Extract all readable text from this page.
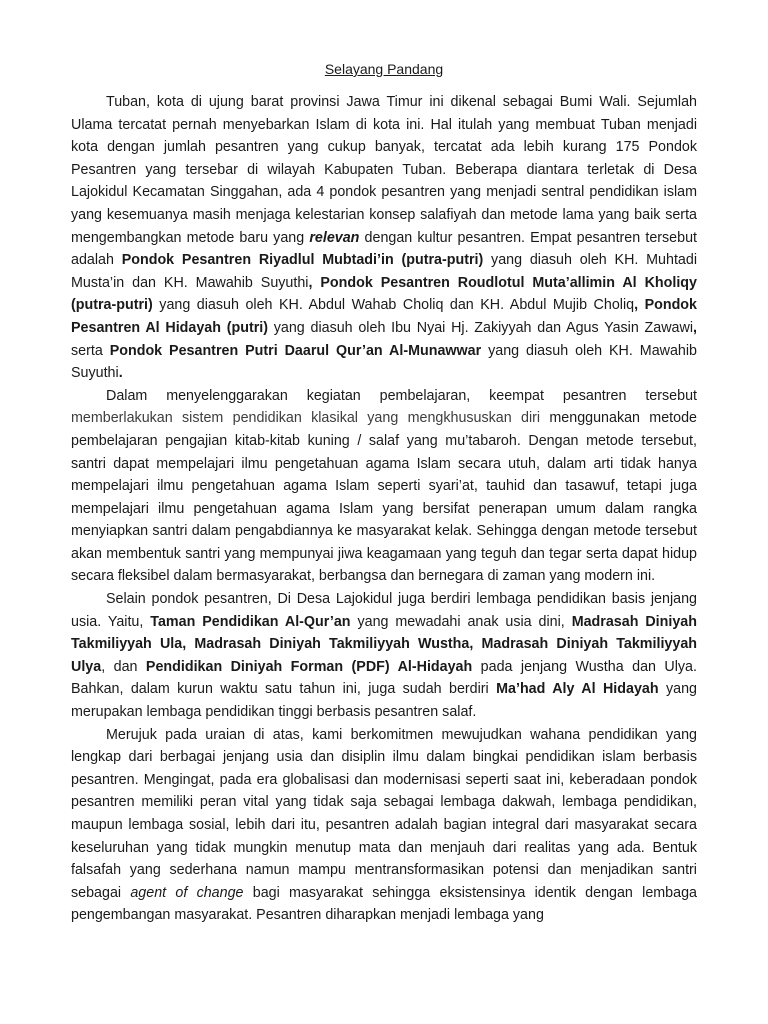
Selayang Pandang

Tuban, kota di ujung barat provinsi Jawa Timur ini dikenal sebagai Bumi Wali. Sejumlah Ulama tercatat pernah menyebarkan Islam di kota ini. Hal itulah yang membuat Tuban menjadi kota dengan jumlah pesantren yang cukup banyak, tercatat ada lebih kurang 175 Pondok Pesantren yang tersebar di wilayah Kabupaten Tuban. Beberapa diantara terletak di Desa Lajokidul Kecamatan Singgahan, ada 4 pondok pesantren yang menjadi sentral pendidikan islam yang kesemuanya masih menjaga kelestarian konsep salafiyah dan metode lama yang baik serta mengembangkan metode baru yang relevan dengan kultur pesantren. Empat pesantren tersebut adalah Pondok Pesantren Riyadlul Mubtadi’in (putra-putri) yang diasuh oleh KH. Muhtadi Musta’in dan KH. Mawahib Suyuthi, Pondok Pesantren Roudlotul Muta’allimin Al Kholiqy (putra-putri) yang diasuh oleh KH. Abdul Wahab Choliq dan KH. Abdul Mujib Choliq, Pondok Pesantren Al Hidayah (putri) yang diasuh oleh Ibu Nyai Hj. Zakiyyah dan Agus Yasin Zawawi, serta Pondok Pesantren Putri Daarul Qur’an Al-Munawwar yang diasuh oleh KH. Mawahib Suyuthi.

Dalam menyelenggarakan kegiatan pembelajaran, keempat pesantren tersebut memberlakukan sistem pendidikan klasikal yang mengkhususkan diri menggunakan metode pembelajaran pengajian kitab-kitab kuning / salaf yang mu’tabaroh. Dengan metode tersebut, santri dapat mempelajari ilmu pengetahuan agama Islam secara utuh, dalam arti tidak hanya mempelajari ilmu pengetahuan agama Islam seperti syari’at, tauhid dan tasawuf, tetapi juga mempelajari ilmu pengetahuan agama Islam yang bersifat penerapan umum dalam rangka menyiapkan santri dalam pengabdiannya ke masyarakat kelak. Sehingga dengan metode tersebut akan membentuk santri yang mempunyai jiwa keagamaan yang teguh dan tegar serta dapat hidup secara fleksibel dalam bermasyarakat, berbangsa dan bernegara di zaman yang modern ini.

Selain pondok pesantren, Di Desa Lajokidul juga berdiri lembaga pendidikan basis jenjang usia. Yaitu, Taman Pendidikan Al-Qur’an yang mewadahi anak usia dini, Madrasah Diniyah Takmiliyyah Ula, Madrasah Diniyah Takmiliyyah Wustha, Madrasah Diniyah Takmiliyyah Ulya, dan Pendidikan Diniyah Forman (PDF) Al-Hidayah pada jenjang Wustha dan Ulya. Bahkan, dalam kurun waktu satu tahun ini, juga sudah berdiri Ma’had Aly Al Hidayah yang merupakan lembaga pendidikan tinggi berbasis pesantren salaf.

Merujuk pada uraian di atas, kami berkomitmen mewujudkan wahana pendidikan yang lengkap dari berbagai jenjang usia dan disiplin ilmu dalam bingkai pendidikan islam berbasis pesantren. Mengingat, pada era globalisasi dan modernisasi seperti saat ini, keberadaan pondok pesantren memiliki peran vital yang tidak saja sebagai lembaga dakwah, lembaga pendidikan, maupun lembaga sosial, lebih dari itu, pesantren adalah bagian integral dari masyarakat secara keseluruhan yang tidak mungkin menutup mata dan menjauh dari realitas yang ada. Bentuk falsafah yang sederhana namun mampu mentransformasikan potensi dan menjadikan santri sebagai agent of change bagi masyarakat sehingga eksistensinya identik dengan lembaga pengembangan masyarakat. Pesantren diharapkan menjadi lembaga yang
